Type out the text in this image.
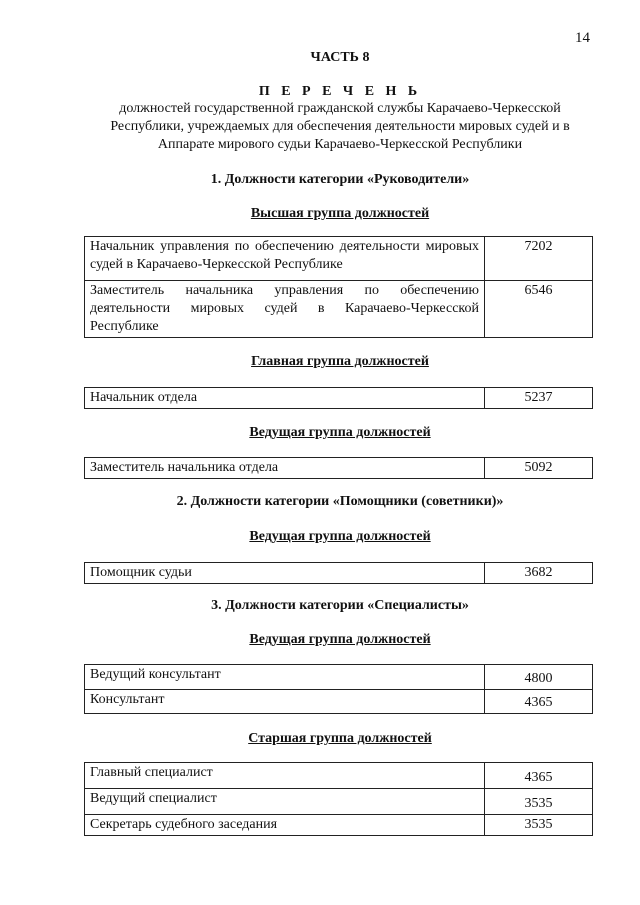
14
ЧАСТЬ 8
П Е Р Е Ч Е Н Ь
должностей государственной гражданской службы Карачаево-Черкесской Республики, учреждаемых для обеспечения деятельности мировых судей и в Аппарате мирового судьи Карачаево-Черкесской Республики
1. Должности категории «Руководители»
Высшая группа должностей
Начальник управления по обеспечению деятельности мировых судей в Карачаево-Черкесской Республике	7202
Заместитель начальника управления по обеспечению деятельности мировых судей в Карачаево-Черкесской Республике	6546
Главная группа должностей
Начальник отдела	5237
Ведущая группа должностей
Заместитель начальника отдела	5092
2. Должности категории «Помощники (советники)»
Ведущая группа должностей
Помощник судьи	3682
3. Должности категории «Специалисты»
Ведущая группа должностей
Ведущий консультант	4800
Консультант	4365
Старшая группа должностей
Главный специалист	4365
Ведущий специалист	3535
Секретарь судебного заседания	3535
